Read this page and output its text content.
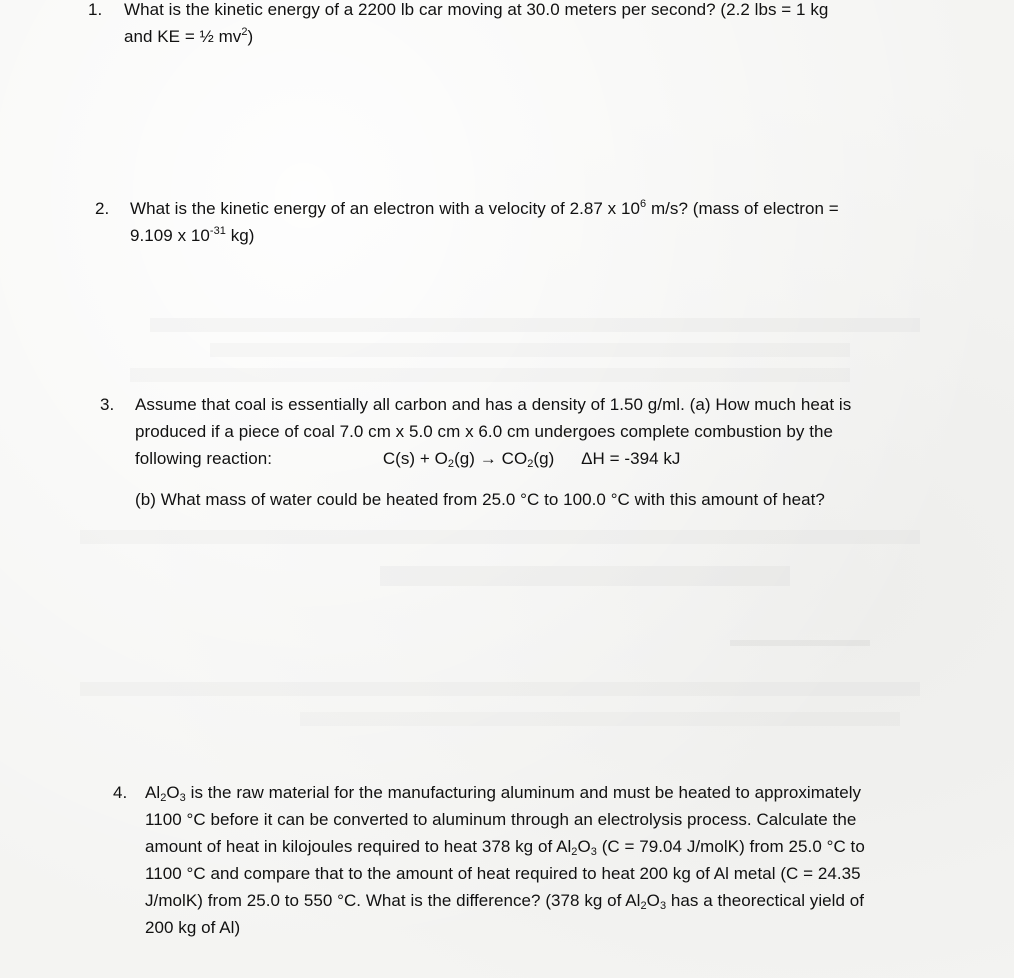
1. What is the kinetic energy of a 2200 lb car moving at 30.0 meters per second? (2.2 lbs = 1 kg
and KE = ½ $mv^2$)
2. What is the kinetic energy of an electron with a velocity of 2.87 x $10^6$ m/s? (mass of electron =
9.109 x $10^{-31}$ kg)
3. Assume that coal is essentially all carbon and has a density of 1.50 g/ml. (a) How much heat is
produced if a piece of coal 7.0 cm x 5.0 cm x 6.0 cm undergoes complete combustion by the
following reaction:	$C(s) + O_2(g) \to CO_2(g) \Delta H = -394$ kJ
(b) What mass of water could be heated from 25.0 °C to 100.0 °C with this amount of heat?
4. $Al_2O_3$ is the raw material for the manufacturing aluminum and must be heated to approximately
1100 °C before it can be converted to aluminum through an electrolysis process. Calculate the
amount of heat in kilojoules required to heat 378 kg of $Al_2O_3$ (C = 79.04 J/molK) from 25.0 °C to
1100 °C and compare that to the amount of heat required to heat 200 kg of Al metal (C = 24.35
J/molK) from 25.0 to 550 °C. What is the difference? (378 kg of $Al_2O_3$ has a theorectical yield of
200 kg of Al)
